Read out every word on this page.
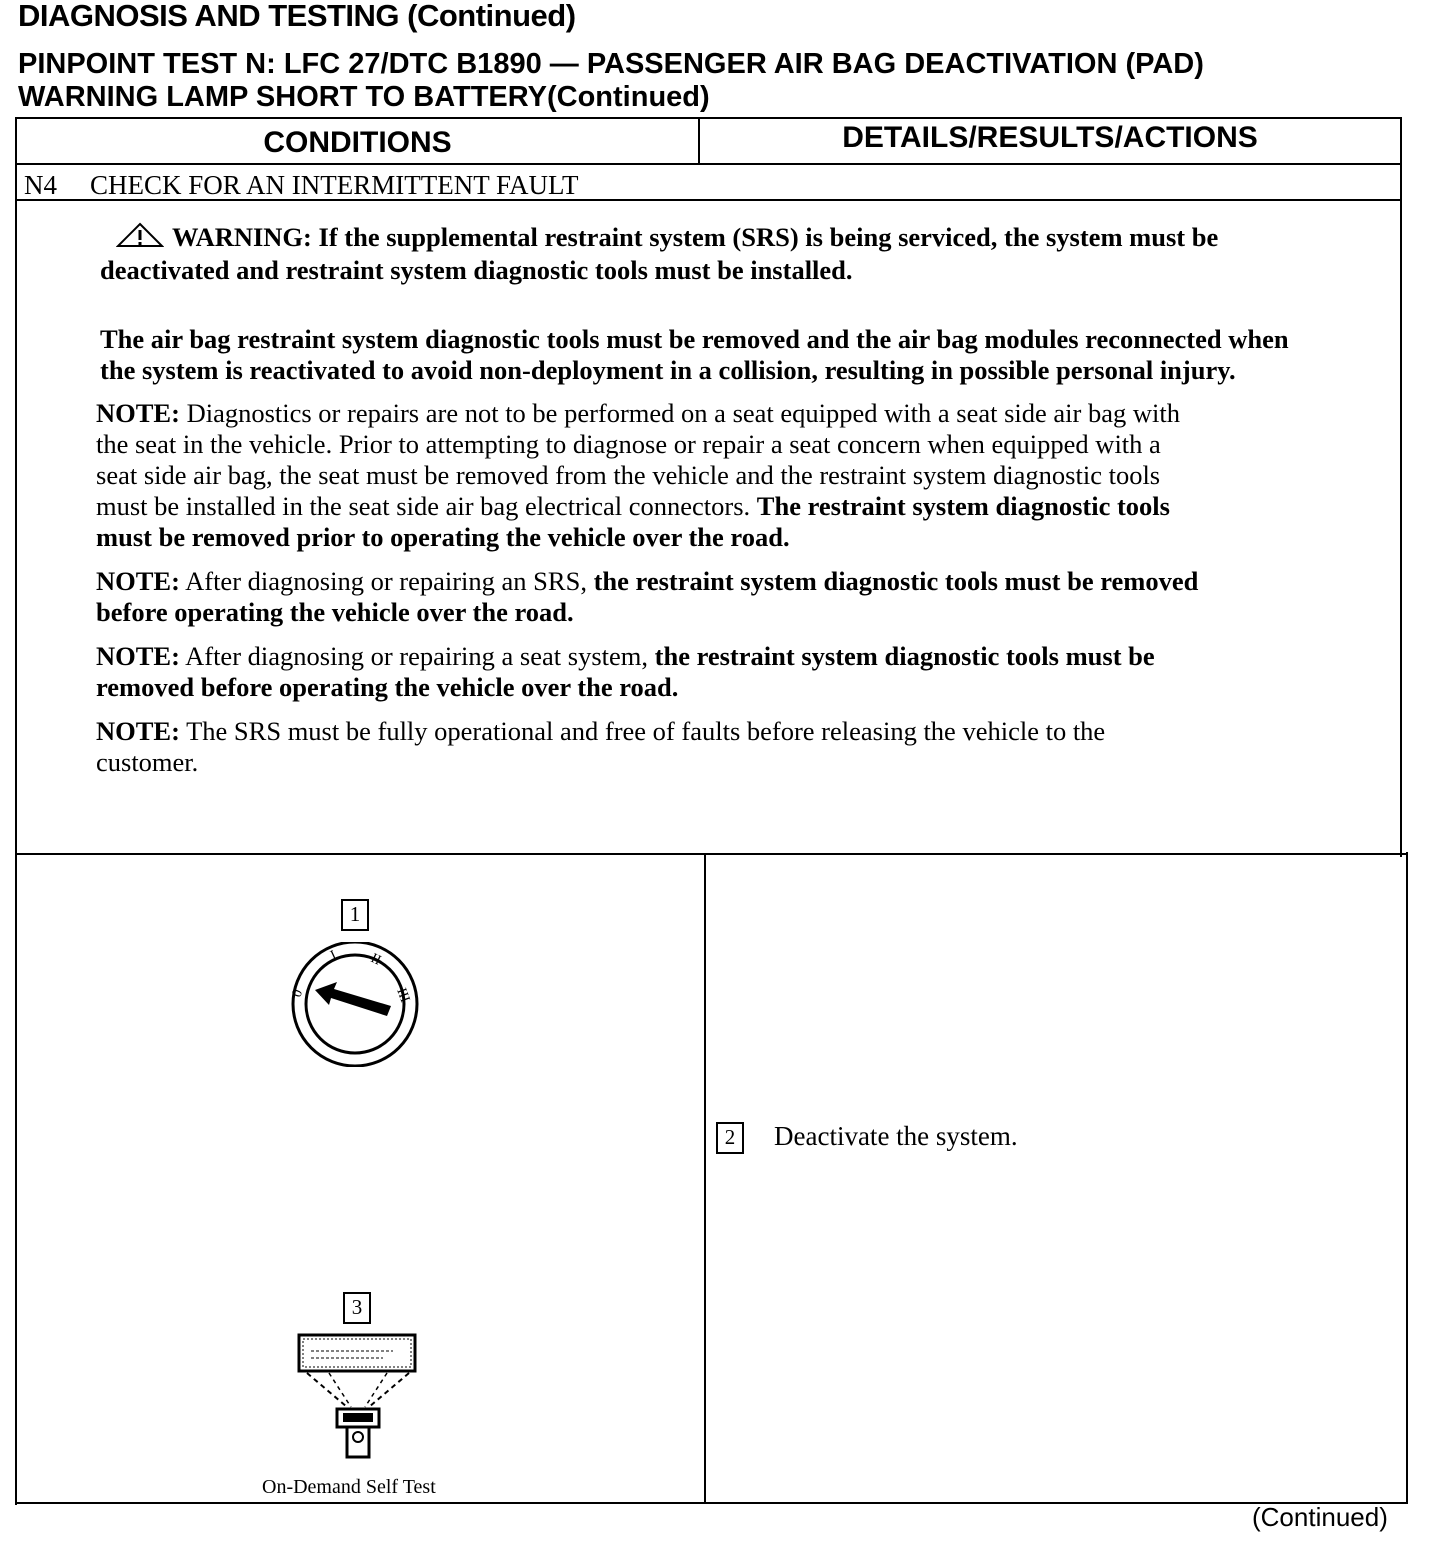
DIAGNOSIS AND TESTING (Continued)
PINPOINT TEST N: LFC 27/DTC B1890 — PASSENGER AIR BAG DEACTIVATION (PAD)
WARNING LAMP SHORT TO BATTERY(Continued)
CONDITIONS	DETAILS/RESULTS/ACTIONS
N4 CHECK FOR AN INTERMITTENT FAULT

WARNING: If the supplemental restraint system (SRS) is being serviced, the system must be deactivated and restraint system diagnostic tools must be installed.

The air bag restraint system diagnostic tools must be removed and the air bag modules reconnected when the system is reactivated to avoid non-deployment in a collision, resulting in possible personal injury.

NOTE: Diagnostics or repairs are not to be performed on a seat equipped with a seat side air bag with the seat in the vehicle. Prior to attempting to diagnose or repair a seat concern when equipped with a seat side air bag, the seat must be removed from the vehicle and the restraint system diagnostic tools must be installed in the seat side air bag electrical connectors. The restraint system diagnostic tools must be removed prior to operating the vehicle over the road.

NOTE: After diagnosing or repairing an SRS, the restraint system diagnostic tools must be removed before operating the vehicle over the road.

NOTE: After diagnosing or repairing a seat system, the restraint system diagnostic tools must be removed before operating the vehicle over the road.

NOTE: The SRS must be fully operational and free of faults before releasing the vehicle to the customer.

1
0
I II
III
3
On-Demand Self Test
2	Deactivate the system.
(Continued)
